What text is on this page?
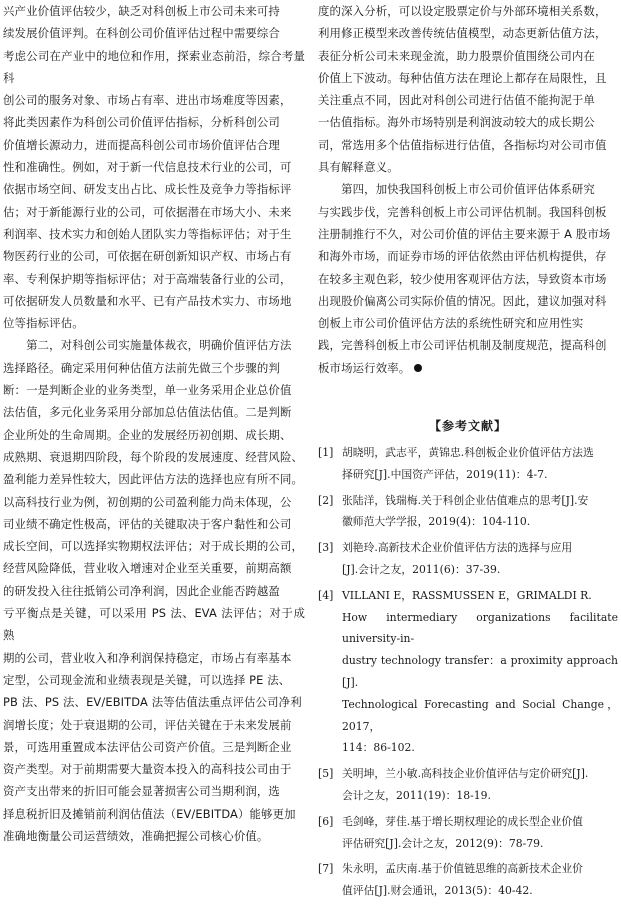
兴产业价值评估较少，缺乏对科创板上市公司未来可持
续发展价值评判。在科创公司价值评估过程中需要综合
考虑公司在产业中的地位和作用，探索业态前沿，综合考量科
创公司的服务对象、市场占有率、进出市场难度等因素，
将此类因素作为科创公司价值评估指标，分析科创公司
价值增长源动力，进而提高科创公司市场价值评估合理
性和准确性。例如，对于新一代信息技术行业的公司，可
依据市场空间、研发支出占比、成长性及竞争力等指标评
估；对于新能源行业的公司，可依据潜在市场大小、未来
利润率、技术实力和创始人团队实力等指标评估；对于生
物医药行业的公司，可依据在研创新知识产权、市场占有
率、专利保护期等指标评估；对于高端装备行业的公司，
可依据研发人员数量和水平、已有产品技术实力、市场地
位等指标评估。

　　第二，对科创公司实施量体裁衣，明确价值评估方法
选择路径。确定采用何种估值方法前先做三个步骤的判
断：一是判断企业的业务类型，单一业务采用企业总价值
法估值，多元化业务采用分部加总估值法估值。二是判断
企业所处的生命周期。企业的发展经历初创期、成长期、
成熟期、衰退期四阶段，每个阶段的发展速度、经营风险、
盈利能力差异性较大，因此评估方法的选择也应有所不同。
以高科技行业为例，初创期的公司盈利能力尚未体现，公
司业绩不确定性极高，评估的关键取决于客户黏性和公司
成长空间，可以选择实物期权法评估；对于成长期的公司，
经营风险降低，营业收入增速对企业至关重要，前期高额
的研发投入往往抵销公司净利润，因此企业能否跨越盈
亏平衡点是关键，可以采用 PS 法、EVA 法评估；对于成熟
期的公司，营业收入和净利润保持稳定，市场占有率基本
定型，公司现金流和业绩表现是关键，可以选择 PE 法、
PB 法、PS 法、EV/EBITDA 法等估值法重点评估公司净利
润增长度；处于衰退期的公司，评估关键在于未来发展前
景，可选用重置成本法评估公司资产价值。三是判断企业
资产类型。对于前期需要大量资本投入的高科技公司由于
资产支出带来的折旧可能会显著损害公司当期利润，选
择息税折旧及摊销前利润估值法（EV/EBITDA）能够更加
准确地衡量公司运营绩效，准确把握公司核心价值。

度的深入分析，可以设定股票定价与外部环境相关系数，
利用修正模型来改善传统估值模型，动态更新估值方法，
表征分析公司未来现金流，助力股票价值围绕公司内在
价值上下波动。每种估值方法在理论上都存在局限性，且
关注重点不同，因此对科创公司进行估值不能拘泥于单
一估值指标。海外市场特别是利润波动较大的成长期公
司，常选用多个估值指标进行估值，各指标均对公司市值
具有解释意义。

　　第四，加快我国科创板上市公司价值评估体系研究
与实践步伐，完善科创板上市公司评估机制。我国科创板
注册制推行不久，对公司价值的评估主要来源于 A 股市场
和海外市场，而证券市场的评估依然由评估机构提供，存
在较多主观色彩，较少使用客观评估方法，导致资本市场
出现股价偏离公司实际价值的情况。因此，建议加强对科
创板上市公司价值评估方法的系统性研究和应用性实
践，完善科创板上市公司评估机制及制度规范，提高科创
板市场运行效率。

【参考文献】
[1] 胡晓明，武志平，黄锦忠.科创板企业价值评估方法选
择研究[J].中国资产评估，2019(11)：4-7.
[2] 张陆洋，钱瑞梅.关于科创企业估值难点的思考[J].安
徽师范大学学报，2019(4)：104-110.
[3] 刘艳玲.高新技术企业价值评估方法的选择与应用
[J].会计之友，2011(6)：37-39.
[4] VILLANI E，RASSMUSSEN E，GRIMALDI R.
How intermediary organizations facilitate university-in-
dustry technology transfer：a proximity approach [J].
Technological Forecasting and Social Change，2017，
114：86-102.
[5] 关明坤，兰小敏.高科技企业价值评估与定价研究[J].
会计之友，2011(19)：18-19.
[6] 毛剑峰，芽佳.基于增长期权理论的成长型企业价值
评估研究[J].会计之友，2012(9)：78-79.
[7] 朱永明，孟庆南.基于价值链思维的高新技术企业价
值评估[J].财会通讯，2013(5)：40-42.
